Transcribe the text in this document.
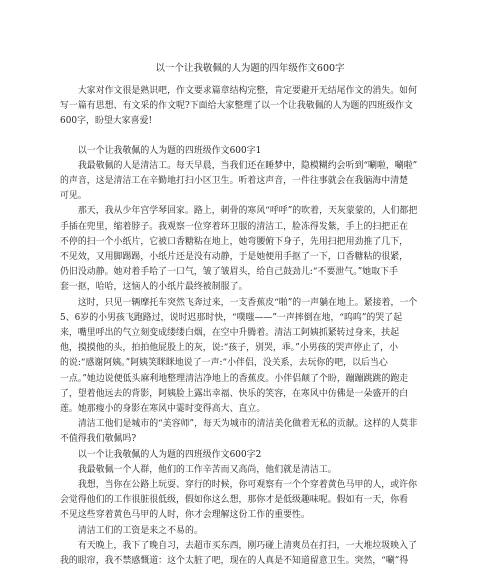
以一个让我敬佩的人为题的四年级作文600字
　　大家对作文很是熟识吧，作文要求篇章结构完整，肯定要避开无结尾作文的消失。如何
写一篇有思想、有文采的作文呢?下面给大家整理了以一个让我敬佩的人为题的四班级作文
600字，盼望大家喜爱!
　　以一个让我敬佩的人为题的四班级作文600字1
　　我最敬佩的人是清洁工。每天早晨，当我们还在睡梦中，隐模糊约会听到“唰啦，唰啦”
的声音，这是清洁工在辛勤地打扫小区卫生。听着这声音，一件往事就会在我脑海中清楚
可见。
　　那天，我从少年宫学琴回家。路上，刺骨的寒风“呼呼”的吹着，天灰蒙蒙的，人们都把
手插在兜里，缩着脖子。我观察一位穿着环卫服的清洁工，脸冻得发紫，手上的扫把正在
不停的扫一个小纸片，它被口香糖粘在地上，她弯腰俯下身子，先用扫把用劲推了几下，
不见效，又用脚踢踢，小纸片还是没有动静，于是她便用手抠了一下，口香糖粘的很紧，
仍旧没动静。她对着手哈了一口气，皱了皱眉头，给自己鼓劲儿:“不要泄气。”她取下手
套一抠，哈哈，这恼人的小纸片最终被制服了。
　　这时，只见一辆摩托车突然飞奔过来，一支香蕉皮“啪”的一声躺在地上。紧接着，一个
5、6岁的小男孩飞跑路过，说时迟那时快，“噗嗤——”一声摔倒在地，“呜呜”的哭了起
来，嘴里呼出的气立刻变成缕缕白烟，在空中升腾着。清洁工阿姨抓紧转过身来，扶起
他，摸摸他的头，拍拍他屁股上的灰，说:“孩子，别哭，乖。”小男孩的哭声停止了，小
的说:“感谢阿姨。”阿姨笑眯眯地说了一声:“小伴侣，没关系，去玩你的吧，以后当心
一点。”她边说便低头麻利地整理清洁净地上的香蕉皮。小伴侣颠了个盼，蹦蹦跳跳的跑走
了，望着他远去的背影，阿姨脸上露出幸福、快乐的笑容，在寒风中仿佛是一朵盛开的白
莲。她那瘦小的身影在寒风中霎时变得高大、直立。
　　清洁工他们是城市的“美容师”，每天为城市的清洁美化做着无私的贡献。这样的人莫非
不值得我们敬佩吗?
　　以一个让我敬佩的人为题的四班级作文600字2
　　我最敬佩一个人群，他们的工作辛苦而又高尚，他们就是清洁工。
　　我想，当你在公路上玩耍、穿行的时候，你可观察有一个个穿着黄色马甲的人，或许你
会觉得他们的工作很脏很低级，假如你这么想，那你才是低级趣味呢。假如有一天，你看
不见这些穿着黄色马甲的人时，你才会理解这份工作的重要性。
　　清洁工们的工资是来之不易的。
　　有天晚上，我下了晚自习，去超市买东西，刚巧碰上清爽员在打扫，一大堆垃圾映入了
我的眼帘，我不禁感慨道：这个太脏了吧，现在的人真是不知道留意卫生。突然，“唰”得
